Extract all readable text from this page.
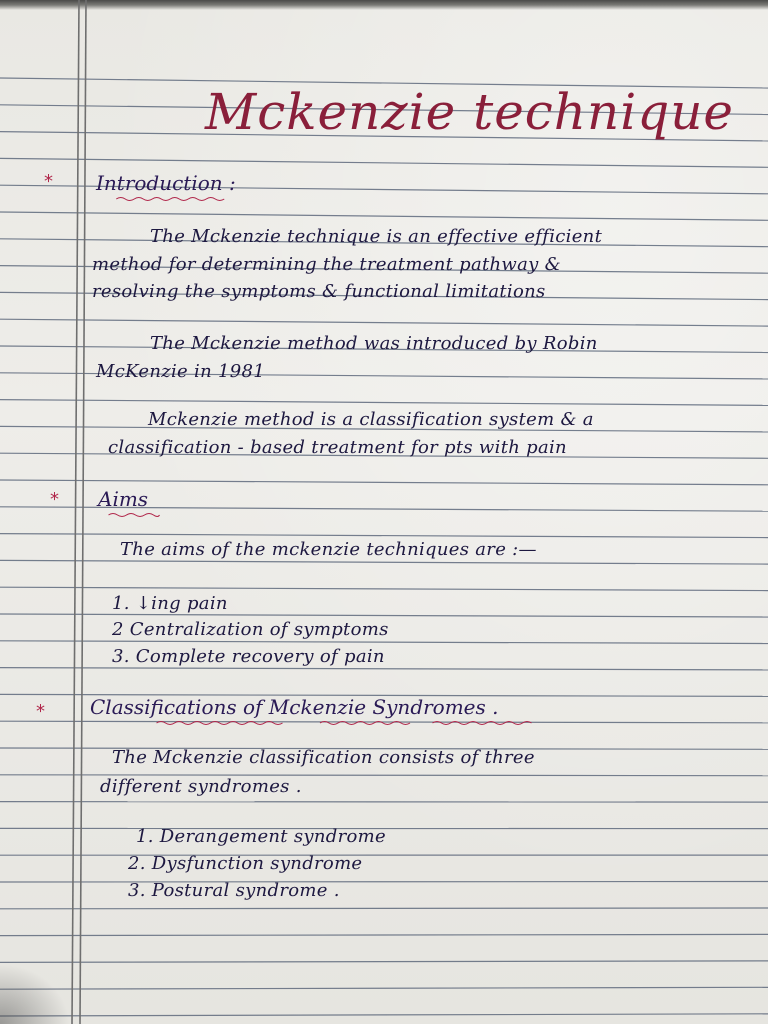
Mckenzie technique
* Introduction :
The Mckenzie technique is an effective efficient
method for determining the treatment pathway &
resolving the symptoms & functional limitations
The Mckenzie method was introduced by Robin
McKenzie in 1981
Mckenzie method is a classification system & a
classification - based treatment for pts with pain
* Aims
The aims of the mckenzie techniques are :—
1. ↓ing pain
2 Centralization of symptoms
3. Complete recovery of pain
* Classifications of Mckenzie Syndromes .
The Mckenzie classification consists of three
different syndromes .
1. Derangement syndrome
2. Dysfunction syndrome
3. Postural syndrome .
